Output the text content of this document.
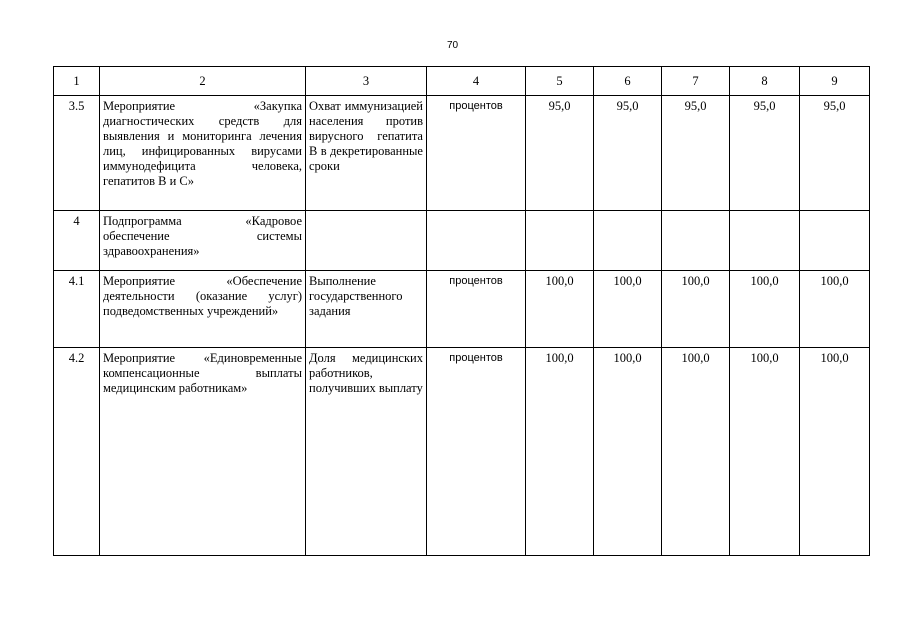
70
1	2	3	4	5	6	7	8	9
3.5	Мероприятие «Закупка диагностических средств для выявления и мониторинга лечения лиц, инфицированных вирусами иммунодефицита человека, гепатитов В и С»	Охват иммунизацией населения против вирусного гепатита В в декретированные сроки	процентов	95,0	95,0	95,0	95,0	95,0
4	Подпрограмма «Кадровое обеспечение системы здравоохранения»							
4.1	Мероприятие «Обеспечение деятельности (оказание услуг) подведомственных учреждений»	Выполнение государственного задания	процентов	100,0	100,0	100,0	100,0	100,0
4.2	Мероприятие «Единовременные компенсационные выплаты медицинским работникам»	Доля медицинских работников, получивших выплату	процентов	100,0	100,0	100,0	100,0	100,0
